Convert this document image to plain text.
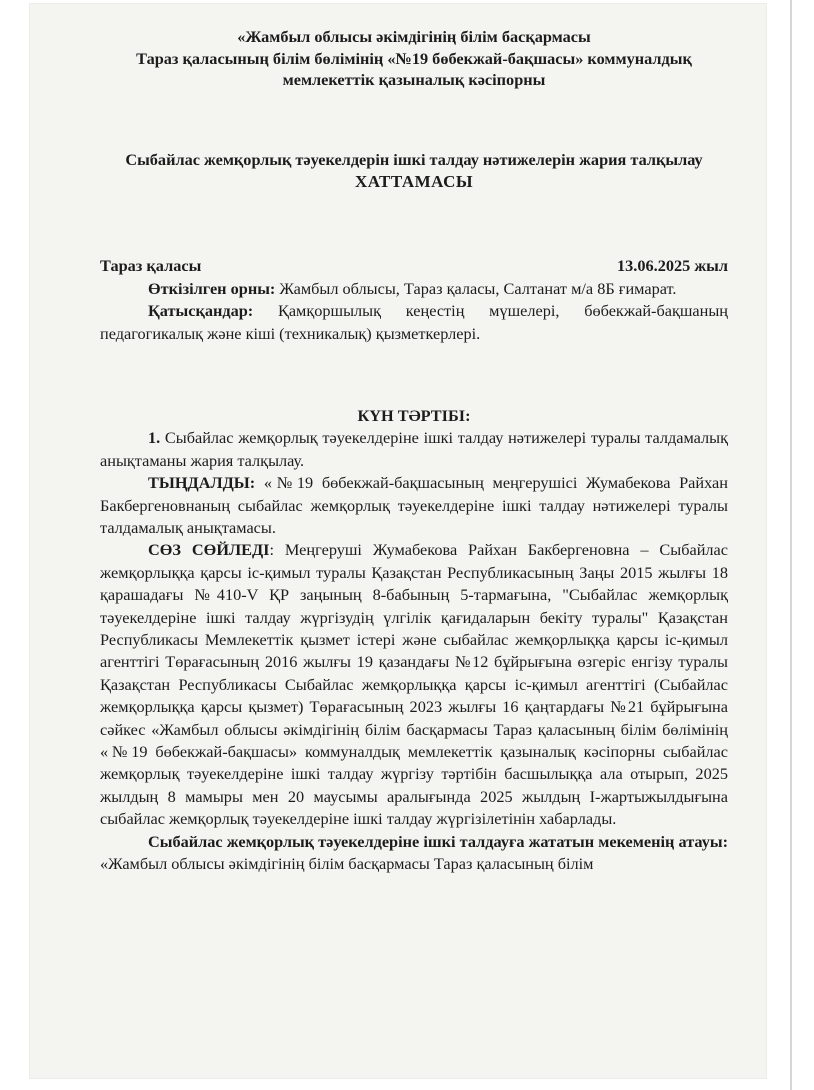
«Жамбыл облысы әкімдігінің білім басқармасы
Тараз қаласының білім бөлімінің «№19 бөбекжай-бақшасы» коммуналдық
мемлекеттік қазыналық кәсіпорны
Сыбайлас жемқорлық тәуекелдерін ішкі талдау нәтижелерін жария талқылау
ХАТТАМАСЫ
Тараз қаласы	13.06.2025 жыл

Өткізілген орны: Жамбыл облысы, Тараз қаласы, Салтанат м/а 8Б ғимарат.

Қатысқандар: Қамқоршылық кеңестің мүшелері, бөбекжай-бақшаның педагогикалық және кіші (техникалық) қызметкерлері.

КҮН ТӘРТІБІ:

1. Сыбайлас жемқорлық тәуекелдеріне ішкі талдау нәтижелері туралы талдамалық анықтаманы жария талқылау.

ТЫҢДАЛДЫ: «№19 бөбекжай-бақшасының меңгерушісі Жумабекова Райхан Бакбергеновнаның сыбайлас жемқорлық тәуекелдеріне ішкі талдау нәтижелері туралы талдамалық анықтамасы.

СӨЗ СӨЙЛЕДІ: Меңгеруші Жумабекова Райхан Бакбергеновна – Сыбайлас жемқорлыққа қарсы іс-қимыл туралы Қазақстан Республикасының Заңы 2015 жылғы 18 қарашадағы №410-V ҚР заңының 8-бабының 5-тармағына, "Сыбайлас жемқорлық тәуекелдеріне ішкі талдау жүргізудің үлгілік қағидаларын бекіту туралы" Қазақстан Республикасы Мемлекеттік қызмет істері және сыбайлас жемқорлыққа қарсы іс-қимыл агенттігі Төрағасының 2016 жылғы 19 қазандағы №12 бұйрығына өзгеріс енгізу туралы Қазақстан Республикасы Сыбайлас жемқорлыққа қарсы іс-қимыл агенттігі (Сыбайлас жемқорлыққа қарсы қызмет) Төрағасының 2023 жылғы 16 қаңтардағы №21 бұйрығына сәйкес «Жамбыл облысы әкімдігінің білім басқармасы Тараз қаласының білім бөлімінің «№19 бөбекжай-бақшасы» коммуналдық мемлекеттік қазыналық кәсіпорны сыбайлас жемқорлық тәуекелдеріне ішкі талдау жүргізу тәртібін басшылыққа ала отырып, 2025 жылдың 8 мамыры мен 20 маусымы аралығында 2025 жылдың І-жартыжылдығына сыбайлас жемқорлық тәуекелдеріне ішкі талдау жүргізілетінін хабарлады.

Сыбайлас жемқорлық тәуекелдеріне ішкі талдауға жататын мекеменің атауы: «Жамбыл облысы әкімдігінің білім басқармасы Тараз қаласының білім
